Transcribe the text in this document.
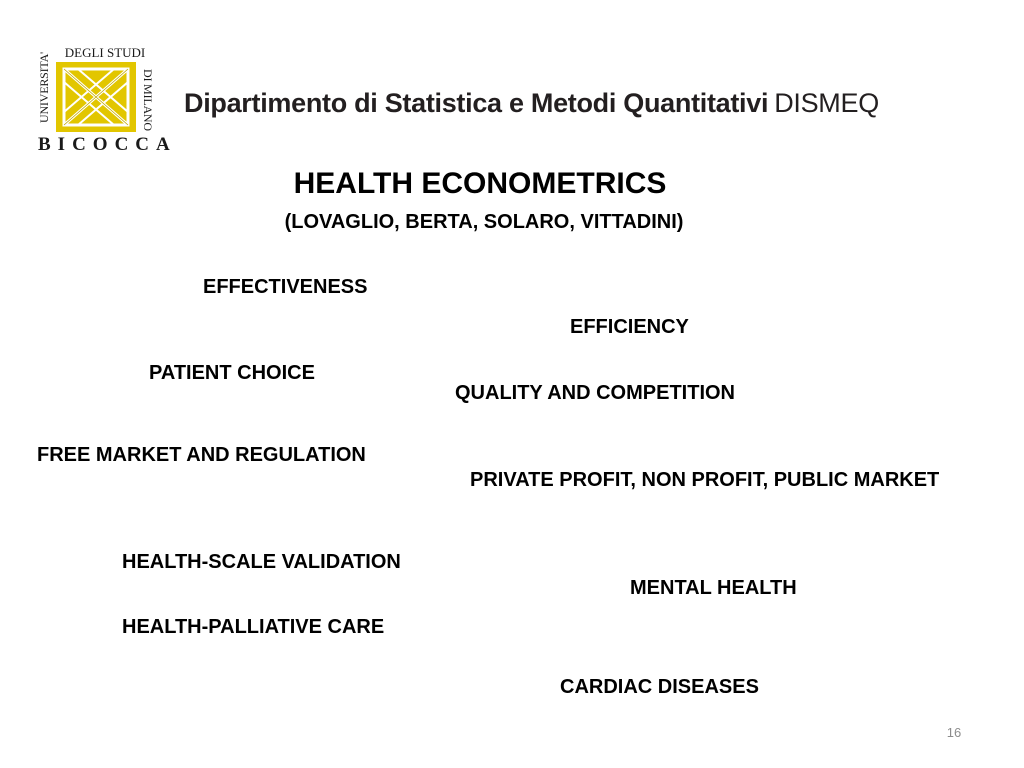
UNIVERSITA'	DEGLI STUDI
DI MILANO
BICOCCA
Dipartimento di Statistica e Metodi Quantitativi DISMEQ
HEALTH ECONOMETRICS
(LOVAGLIO, BERTA, SOLARO, VITTADINI)
EFFECTIVENESS
EFFICIENCY
PATIENT CHOICE
QUALITY AND COMPETITION
FREE MARKET AND REGULATION
PRIVATE PROFIT, NON PROFIT, PUBLIC MARKET
HEALTH-SCALE VALIDATION
MENTAL HEALTH
HEALTH-PALLIATIVE CARE
CARDIAC DISEASES
16
